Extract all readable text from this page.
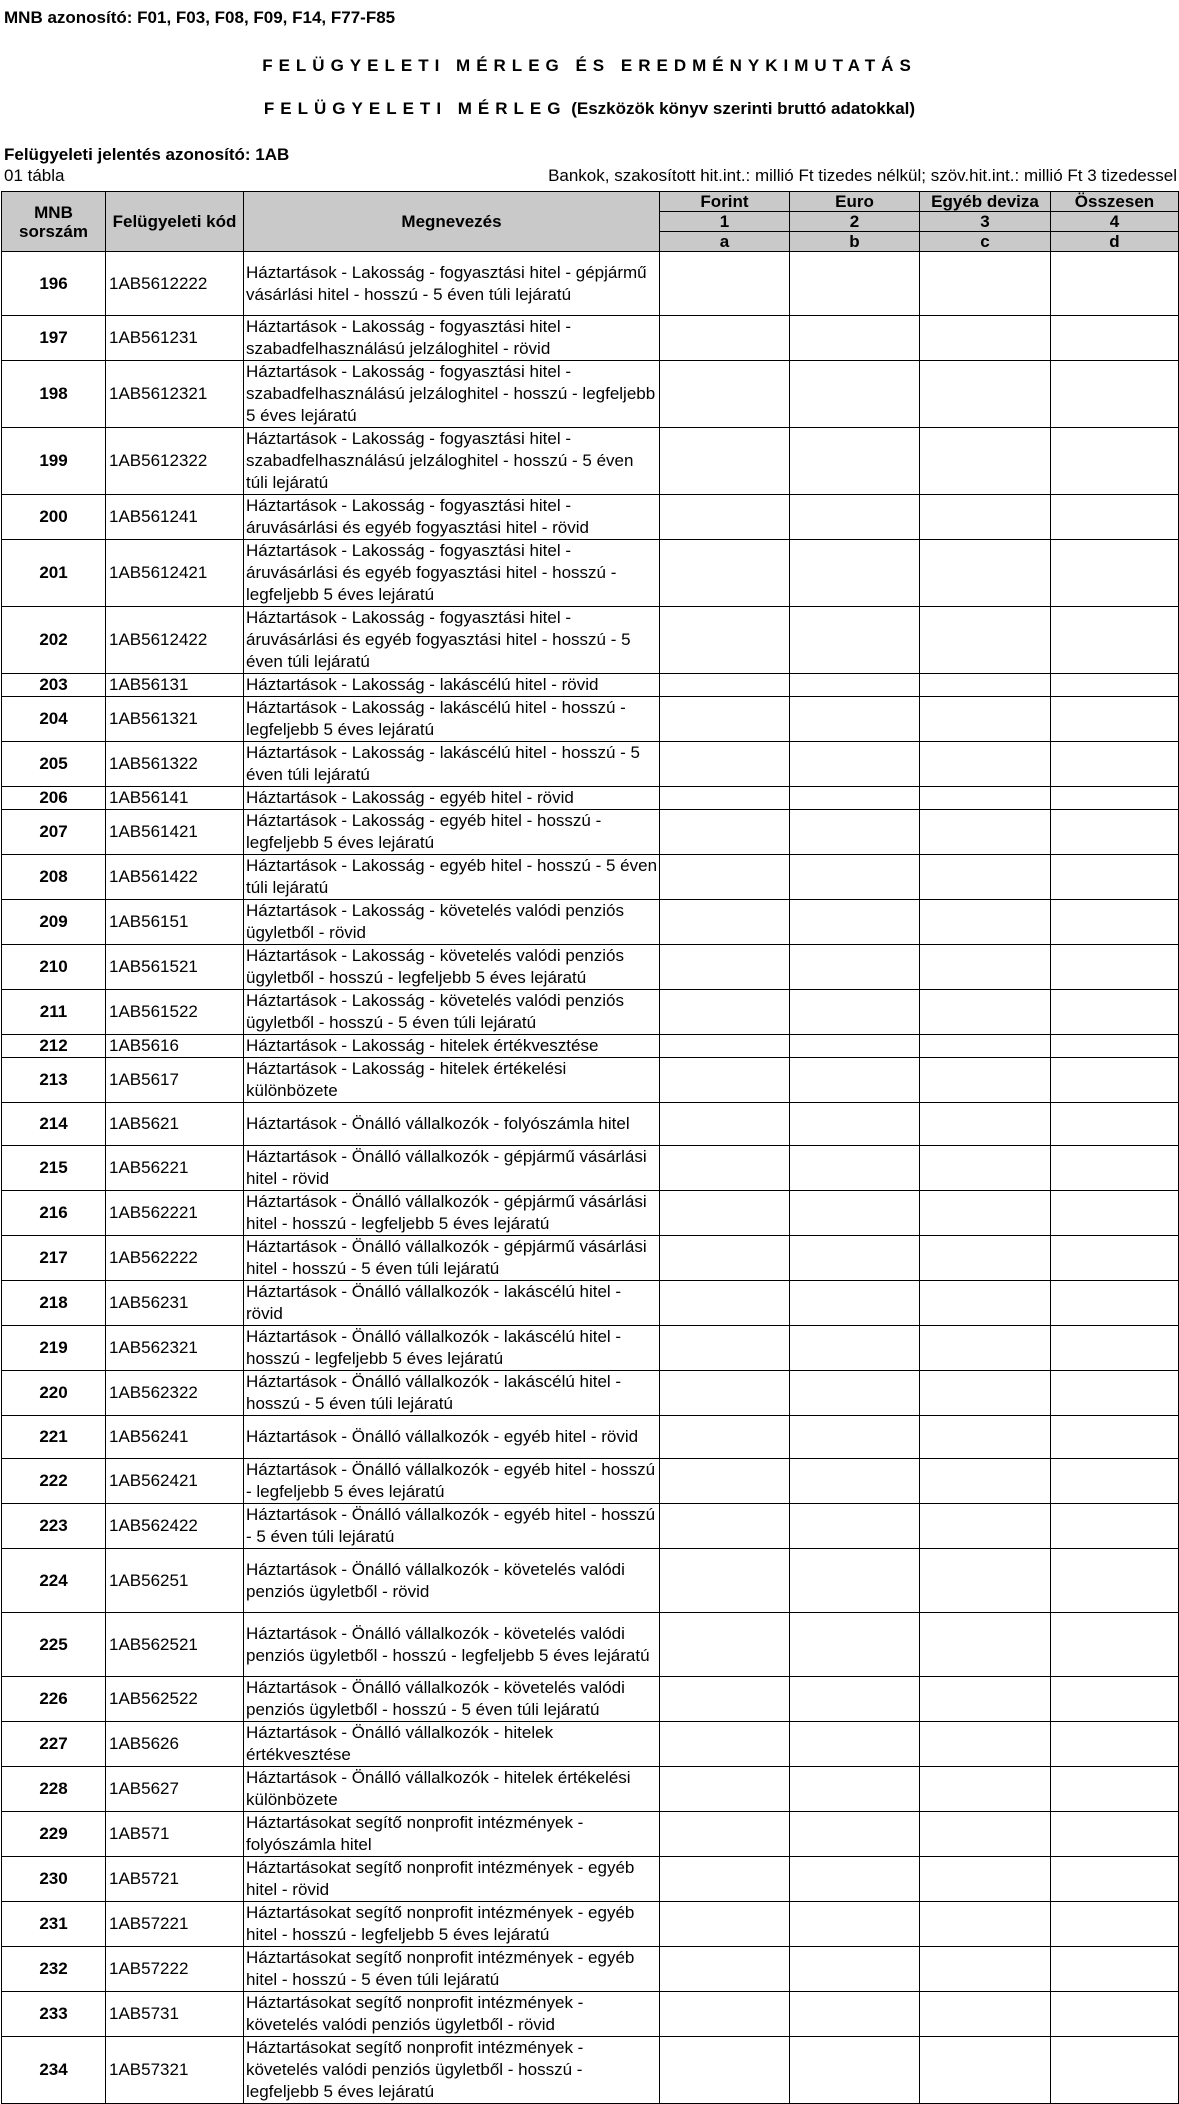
MNB azonosító: F01, F03, F08, F09, F14, F77-F85
FELÜGYELETI MÉRLEG ÉS EREDMÉNYKIMUTATÁS
FELÜGYELETI MÉRLEG (Eszközök könyv szerinti bruttó adatokkal)
Felügyeleti jelentés azonosító: 1AB
01 tábla	Bankok, szakosított hit.int.: millió Ft tizedes nélkül; szöv.hit.int.: millió Ft 3 tizedessel
MNB sorszám	Felügyeleti kód	Megnevezés	Forint	Euro	Egyéb deviza	Összesen
			1	2	3	4
			a	b	c	d
196	1AB5612222	Háztartások - Lakosság - fogyasztási hitel - gépjármű vásárlási hitel - hosszú - 5 éven túli lejáratú				
197	1AB561231	Háztartások - Lakosság - fogyasztási hitel - szabadfelhasználású jelzáloghitel - rövid				
198	1AB5612321	Háztartások - Lakosság - fogyasztási hitel - szabadfelhasználású jelzáloghitel - hosszú - legfeljebb 5 éves lejáratú				
199	1AB5612322	Háztartások - Lakosság - fogyasztási hitel - szabadfelhasználású jelzáloghitel - hosszú - 5 éven túli lejáratú				
200	1AB561241	Háztartások - Lakosság - fogyasztási hitel - áruvásárlási és egyéb fogyasztási hitel - rövid				
201	1AB5612421	Háztartások - Lakosság - fogyasztási hitel - áruvásárlási és egyéb fogyasztási hitel - hosszú - legfeljebb 5 éves lejáratú				
202	1AB5612422	Háztartások - Lakosság - fogyasztási hitel - áruvásárlási és egyéb fogyasztási hitel - hosszú - 5 éven túli lejáratú				
203	1AB56131	Háztartások - Lakosság - lakáscélú hitel - rövid				
204	1AB561321	Háztartások - Lakosság - lakáscélú hitel - hosszú - legfeljebb 5 éves lejáratú				
205	1AB561322	Háztartások - Lakosság - lakáscélú hitel - hosszú - 5 éven túli lejáratú				
206	1AB56141	Háztartások - Lakosság - egyéb hitel - rövid				
207	1AB561421	Háztartások - Lakosság - egyéb hitel - hosszú - legfeljebb 5 éves lejáratú				
208	1AB561422	Háztartások - Lakosság - egyéb hitel - hosszú - 5 éven túli lejáratú				
209	1AB56151	Háztartások - Lakosság - követelés valódi penziós ügyletből - rövid				
210	1AB561521	Háztartások - Lakosság - követelés valódi penziós ügyletből - hosszú - legfeljebb 5 éves lejáratú				
211	1AB561522	Háztartások - Lakosság - követelés valódi penziós ügyletből - hosszú - 5 éven túli lejáratú				
212	1AB5616	Háztartások - Lakosság - hitelek értékvesztése				
213	1AB5617	Háztartások - Lakosság - hitelek értékelési különbözete				
214	1AB5621	Háztartások - Önálló vállalkozók - folyószámla hitel				
215	1AB56221	Háztartások - Önálló vállalkozók - gépjármű vásárlási hitel - rövid				
216	1AB562221	Háztartások - Önálló vállalkozók - gépjármű vásárlási hitel - hosszú - legfeljebb 5 éves lejáratú				
217	1AB562222	Háztartások - Önálló vállalkozók - gépjármű vásárlási hitel - hosszú - 5 éven túli lejáratú				
218	1AB56231	Háztartások - Önálló vállalkozók - lakáscélú hitel - rövid				
219	1AB562321	Háztartások - Önálló vállalkozók - lakáscélú hitel - hosszú - legfeljebb 5 éves lejáratú				
220	1AB562322	Háztartások - Önálló vállalkozók - lakáscélú hitel - hosszú - 5 éven túli lejáratú				
221	1AB56241	Háztartások - Önálló vállalkozók - egyéb hitel - rövid				
222	1AB562421	Háztartások - Önálló vállalkozók - egyéb hitel - hosszú - legfeljebb 5 éves lejáratú				
223	1AB562422	Háztartások - Önálló vállalkozók - egyéb hitel - hosszú - 5 éven túli lejáratú				
224	1AB56251	Háztartások - Önálló vállalkozók - követelés valódi penziós ügyletből - rövid				
225	1AB562521	Háztartások - Önálló vállalkozók - követelés valódi penziós ügyletből - hosszú - legfeljebb 5 éves lejáratú				
226	1AB562522	Háztartások - Önálló vállalkozók - követelés valódi penziós ügyletből - hosszú - 5 éven túli lejáratú				
227	1AB5626	Háztartások - Önálló vállalkozók - hitelek értékvesztése				
228	1AB5627	Háztartások - Önálló vállalkozók - hitelek értékelési különbözete				
229	1AB571	Háztartásokat segítő nonprofit intézmények - folyószámla hitel				
230	1AB5721	Háztartásokat segítő nonprofit intézmények - egyéb hitel - rövid				
231	1AB57221	Háztartásokat segítő nonprofit intézmények - egyéb hitel - hosszú - legfeljebb 5 éves lejáratú				
232	1AB57222	Háztartásokat segítő nonprofit intézmények - egyéb hitel - hosszú - 5 éven túli lejáratú				
233	1AB5731	Háztartásokat segítő nonprofit intézmények - követelés valódi penziós ügyletből - rövid				
234	1AB57321	Háztartásokat segítő nonprofit intézmények - követelés valódi penziós ügyletből - hosszú - legfeljebb 5 éves lejáratú				
